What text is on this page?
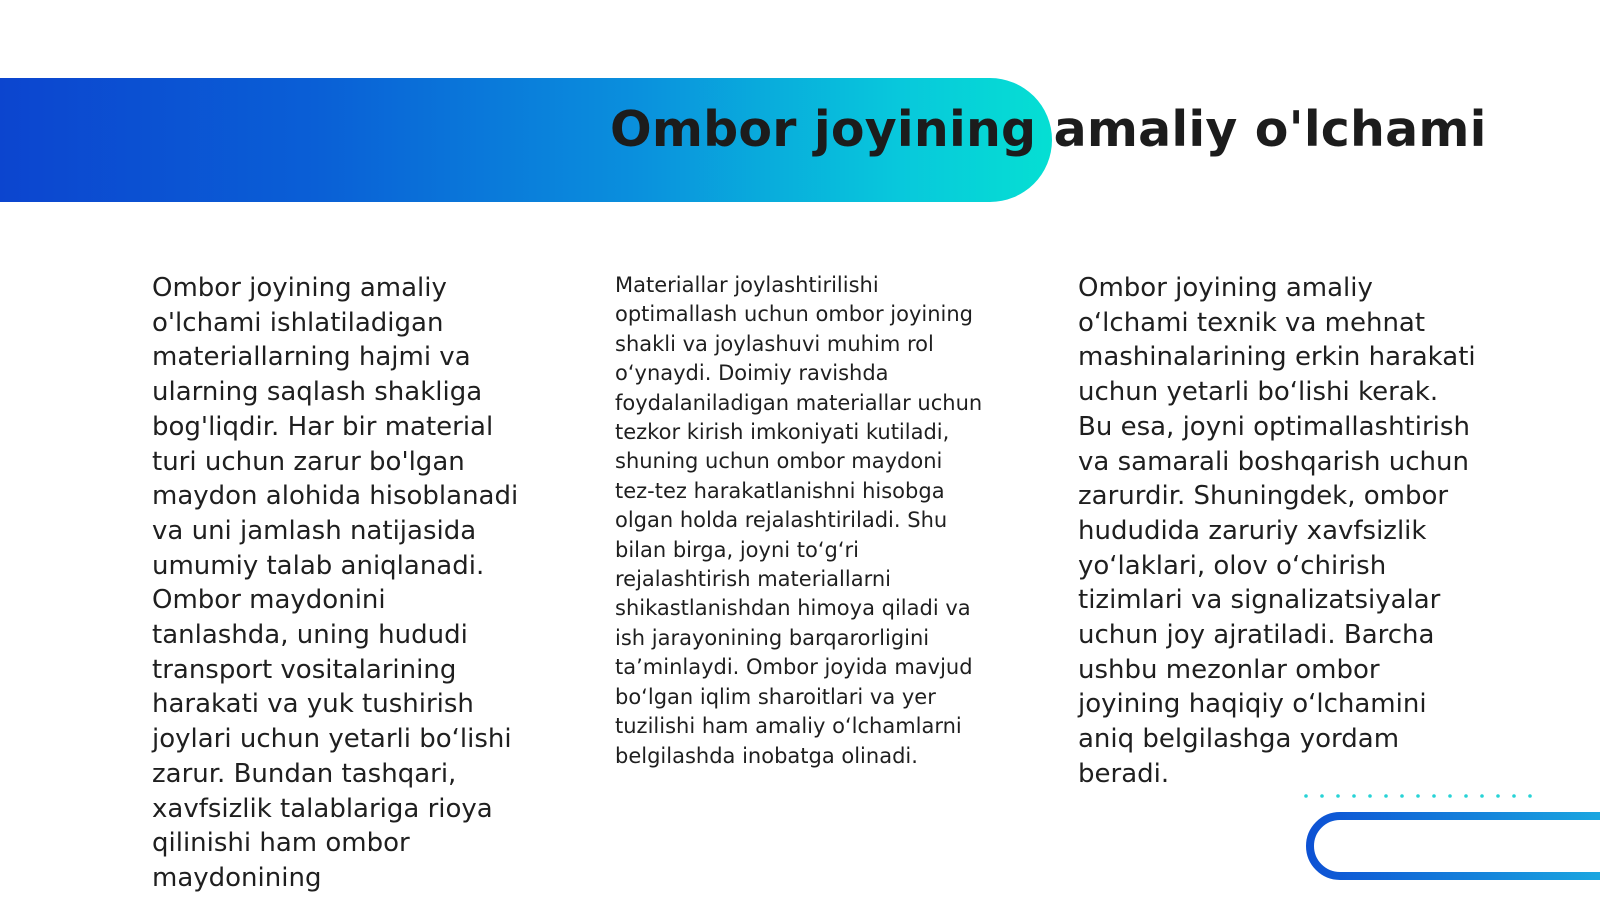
Ombor joyining amaliy o'lchami

Ombor joyining amaliy o'lchami ishlatiladigan materiallarning hajmi va ularning saqlash shakliga bog'liqdir. Har bir material turi uchun zarur bo'lgan maydon alohida hisoblanadi va uni jamlash natijasida umumiy talab aniqlanadi. Ombor maydonini tanlashda, uning hududi transport vositalarining harakati va yuk tushirish joylari uchun yetarli bo‘lishi zarur. Bundan tashqari, xavfsizlik talablariga rioya qilinishi ham ombor maydonining

Materiallar joylashtirilishi optimallash uchun ombor joyining shakli va joylashuvi muhim rol o‘ynaydi. Doimiy ravishda foydalaniladigan materiallar uchun tezkor kirish imkoniyati kutiladi, shuning uchun ombor maydoni tez-tez harakatlanishni hisobga olgan holda rejalashtiriladi. Shu bilan birga, joyni to‘g‘ri rejalashtirish materiallarni shikastlanishdan himoya qiladi va ish jarayonining barqarorligini ta’minlaydi. Ombor joyida mavjud bo‘lgan iqlim sharoitlari va yer tuzilishi ham amaliy o‘lchamlarni belgilashda inobatga olinadi.

Ombor joyining amaliy o‘lchami texnik va mehnat mashinalarining erkin harakati uchun yetarli bo‘lishi kerak. Bu esa, joyni optimallashtirish va samarali boshqarish uchun zarurdir. Shuningdek, ombor hududida zaruriy xavfsizlik yo‘laklari, olov o‘chirish tizimlari va signalizatsiyalar uchun joy ajratiladi. Barcha ushbu mezonlar ombor joyining haqiqiy o‘lchamini aniq belgilashga yordam beradi.
